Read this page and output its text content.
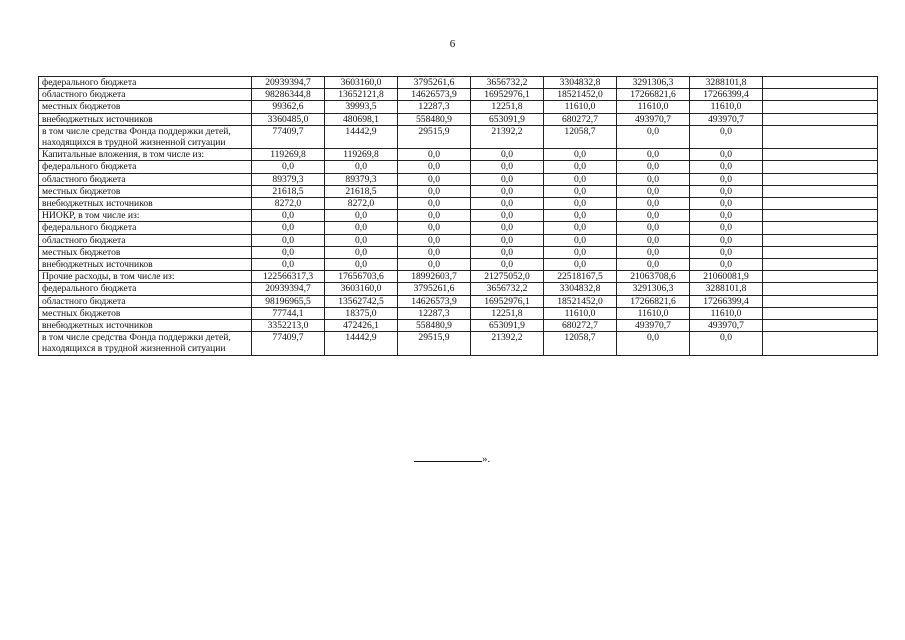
6
федерального бюджета	20939394,7	3603160,0	3795261,6	3656732,2	3304832,8	3291306,3	3288101,8	
областного бюджета	98286344,8	13652121,8	14626573,9	16952976,1	18521452,0	17266821,6	17266399,4	
местных бюджетов	99362,6	39993,5	12287,3	12251,8	11610,0	11610,0	11610,0	
внебюджетных источников	3360485,0	480698,1	558480,9	653091,9	680272,7	493970,7	493970,7	
в том числе средства Фонда поддержки детей, находящихся в трудной жизненной ситуации	77409,7	14442,9	29515,9	21392,2	12058,7	0,0	0,0	
Капитальные вложения, в том числе из:	119269,8	119269,8	0,0	0,0	0,0	0,0	0,0	
федерального бюджета	0,0	0,0	0,0	0,0	0,0	0,0	0,0	
областного бюджета	89379,3	89379,3	0,0	0,0	0,0	0,0	0,0	
местных бюджетов	21618,5	21618,5	0,0	0,0	0,0	0,0	0,0	
внебюджетных источников	8272,0	8272,0	0,0	0,0	0,0	0,0	0,0	
НИОКР, в том числе из:	0,0	0,0	0,0	0,0	0,0	0,0	0,0	
федерального бюджета	0,0	0,0	0,0	0,0	0,0	0,0	0,0	
областного бюджета	0,0	0,0	0,0	0,0	0,0	0,0	0,0	
местных бюджетов	0,0	0,0	0,0	0,0	0,0	0,0	0,0	
внебюджетных источников	0,0	0,0	0,0	0,0	0,0	0,0	0,0	
Прочие расходы, в том числе из:	122566317,3	17656703,6	18992603,7	21275052,0	22518167,5	21063708,6	21060081,9	
федерального бюджета	20939394,7	3603160,0	3795261,6	3656732,2	3304832,8	3291306,3	3288101,8	
областного бюджета	98196965,5	13562742,5	14626573,9	16952976,1	18521452,0	17266821,6	17266399,4	
местных бюджетов	77744,1	18375,0	12287,3	12251,8	11610,0	11610,0	11610,0	
внебюджетных источников	3352213,0	472426,1	558480,9	653091,9	680272,7	493970,7	493970,7	
в том числе средства Фонда поддержки детей, находящихся в трудной жизненной ситуации	77409,7	14442,9	29515,9	21392,2	12058,7	0,0	0,0	
».
